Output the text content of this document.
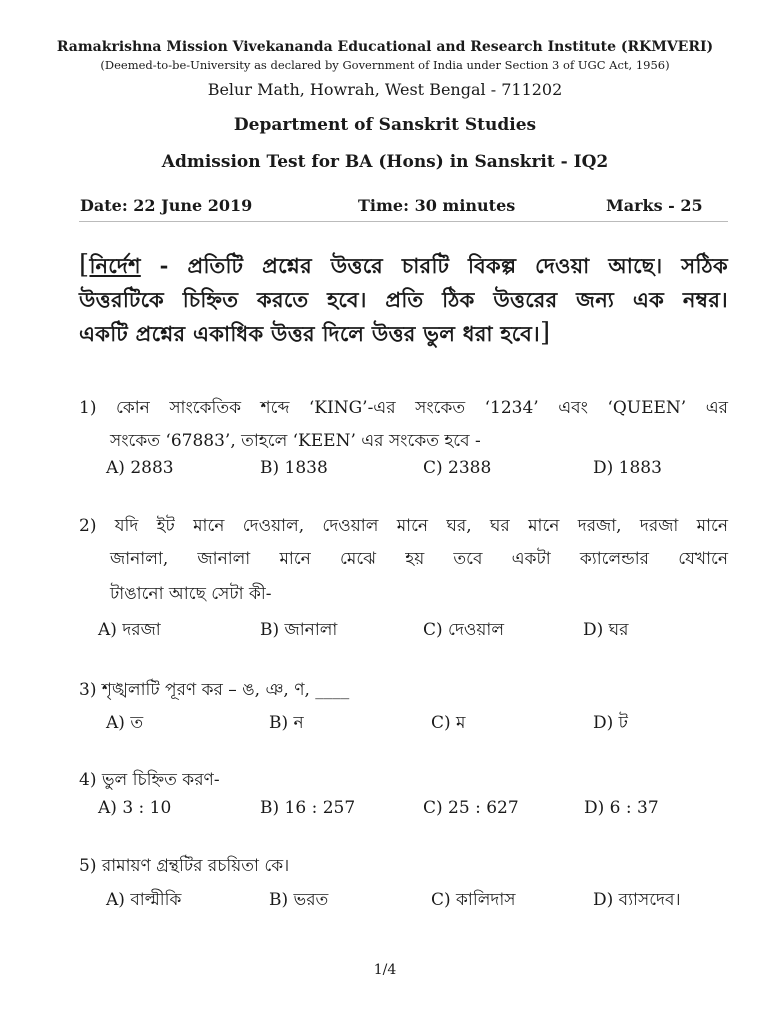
Ramakrishna Mission Vivekananda Educational and Research Institute (RKMVERI)
(Deemed-to-be-University as declared by Government of India under Section 3 of UGC Act, 1956)
Belur Math, Howrah, West Bengal - 711202
Department of Sanskrit Studies
Admission Test for BA (Hons) in Sanskrit - IQ2
Date: 22 June 2019	Time: 30 minutes	Marks - 25
[নির্দেশ - প্রতিটি প্রশ্নের উত্তরে চারটি বিকল্প দেওয়া আছে। সঠিক
উত্তরটিকে চিহ্নিত করতে হবে। প্রতি ঠিক উত্তরের জন্য এক নম্বর।
একটি প্রশ্নের একাধিক উত্তর দিলে উত্তর ভুল ধরা হবে।]
1) কোন সাংকেতিক শব্দে ‘KING’-এর সংকেত ‘1234’ এবং ‘QUEEN’ এর
সংকেত ‘67883’, তাহলে ‘KEEN’ এর সংকেত হবে -
A) 2883	B) 1838	C) 2388	D) 1883
2) যদি ইট মানে দেওয়াল, দেওয়াল মানে ঘর, ঘর মানে দরজা, দরজা মানে
জানালা, জানালা মানে মেঝে হয় তবে একটা ক্যালেন্ডার যেখানে
টাঙানো আছে সেটা কী-
A) দরজা	B) জানালা	C) দেওয়াল	D) ঘর
3) শৃঙ্খলাটি পূরণ কর – ঙ, ঞ, ণ, ____
A) ত	B) ন	C) ম	D) ট
4) ভুল চিহ্নিত করণ-
A) 3 : 10	B) 16 : 257	C) 25 : 627	D) 6 : 37
5) রামায়ণ গ্রন্থটির রচয়িতা কে।
A) বাল্মীকি	B) ভরত	C) কালিদাস	D) ব্যাসদেব।
1/4
